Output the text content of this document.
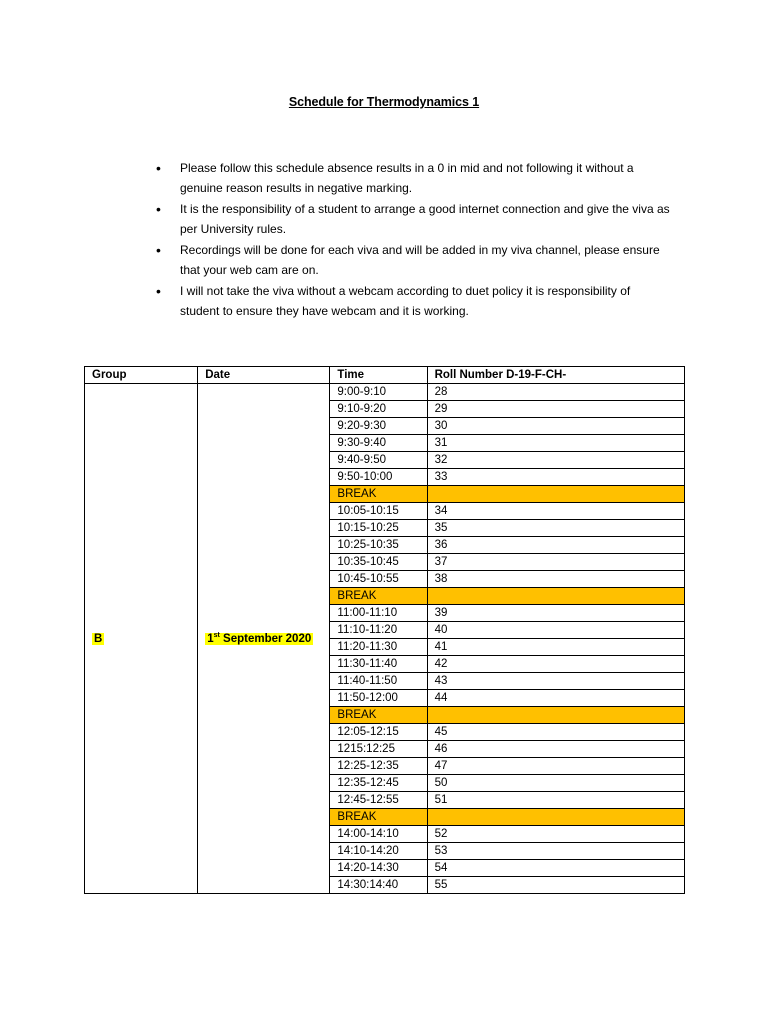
Schedule for Thermodynamics 1
• Please follow this schedule absence results in a 0 in mid and not following it without a genuine reason results in negative marking.
• It is the responsibility of a student to arrange a good internet connection and give the viva as per University rules.
• Recordings will be done for each viva and will be added in my viva channel, please ensure that your web cam are on.
• I will not take the viva without a webcam according to duet policy it is responsibility of student to ensure they have webcam and it is working.
Group	Date	Time	Roll Number D-19-F-CH-
B	1st September 2020	9:00-9:10	28
		9:10-9:20	29
		9:20-9:30	30
		9:30-9:40	31
		9:40-9:50	32
		9:50-10:00	33
		BREAK	
		10:05-10:15	34
		10:15-10:25	35
		10:25-10:35	36
		10:35-10:45	37
		10:45-10:55	38
		BREAK	
		11:00-11:10	39
		11:10-11:20	40
		11:20-11:30	41
		11:30-11:40	42
		11:40-11:50	43
		11:50-12:00	44
		BREAK	
		12:05-12:15	45
		1215:12:25	46
		12:25-12:35	47
		12:35-12:45	50
		12:45-12:55	51
		BREAK	
		14:00-14:10	52
		14:10-14:20	53
		14:20-14:30	54
		14:30:14:40	55
